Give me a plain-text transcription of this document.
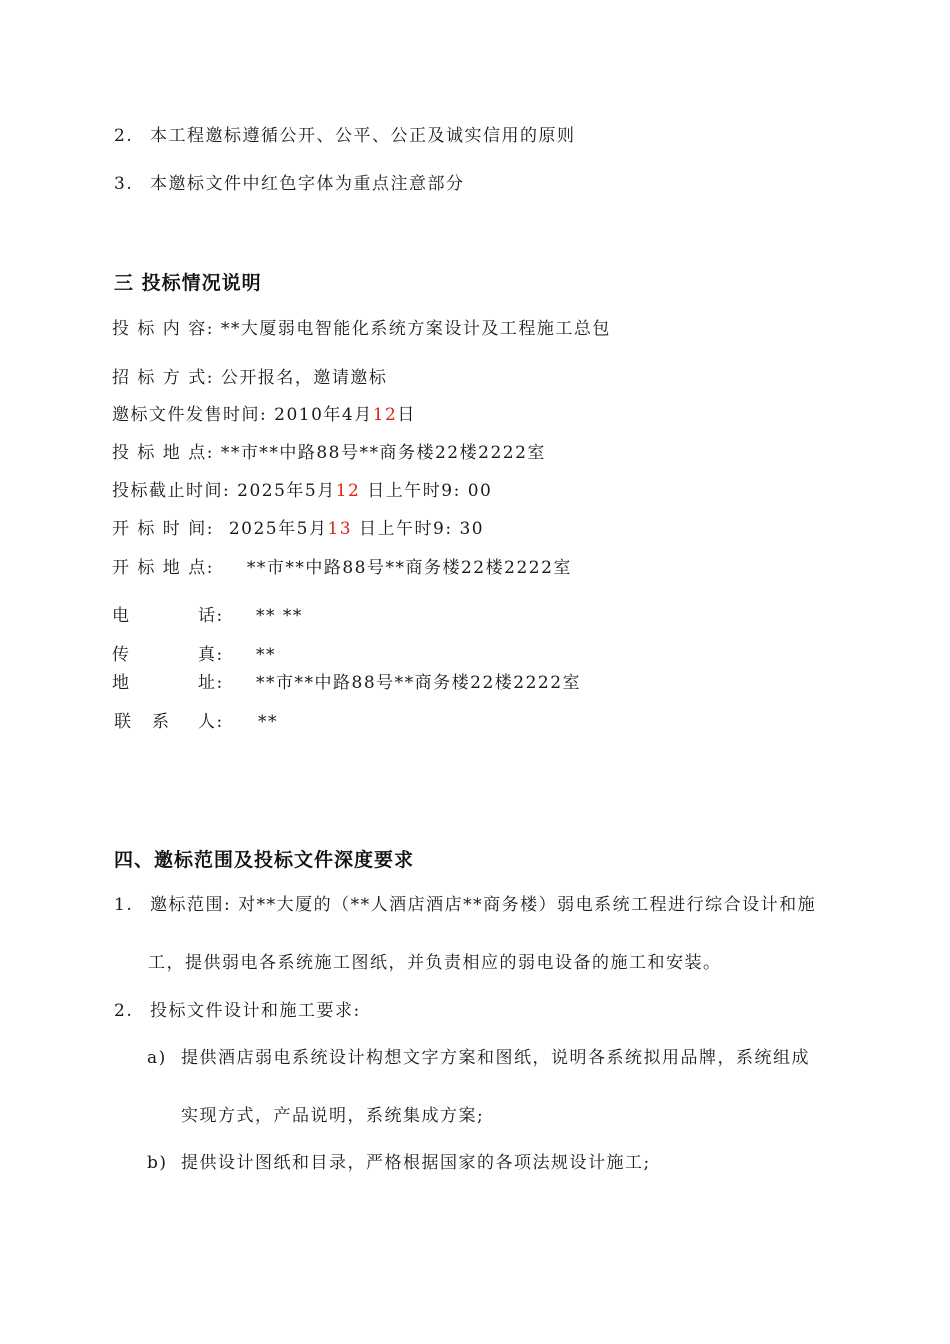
2. 本工程邀标遵循公开、公平、公正及诚实信用的原则
3. 本邀标文件中红色字体为重点注意部分
三 投标情况说明
投 标 内 容: **大厦弱电智能化系统方案设计及工程施工总包
招 标 方 式: 公开报名，邀请邀标
邀标文件发售时间: 2010年4月12日
投 标 地 点: **市**中路88号**商务楼22楼2222室
投标截止时间: 2025年5月12 日上午时9: 00
开 标 时 间: 2025年5月13 日上午时9: 30
开 标 地 点: **市**中路88号**商务楼22楼2222室
电	话: ** **
传	真: **
地	址: **市**中路88号**商务楼22楼2222室
联 系 人: **
四、邀标范围及投标文件深度要求
1. 邀标范围: 对**大厦的（**人酒店酒店**商务楼）弱电系统工程进行综合设计和施
工，提供弱电各系统施工图纸，并负责相应的弱电设备的施工和安装。
2. 投标文件设计和施工要求:
a) 提供酒店弱电系统设计构想文字方案和图纸，说明各系统拟用品牌，系统组成
实现方式，产品说明，系统集成方案;
b) 提供设计图纸和目录，严格根据国家的各项法规设计施工;
